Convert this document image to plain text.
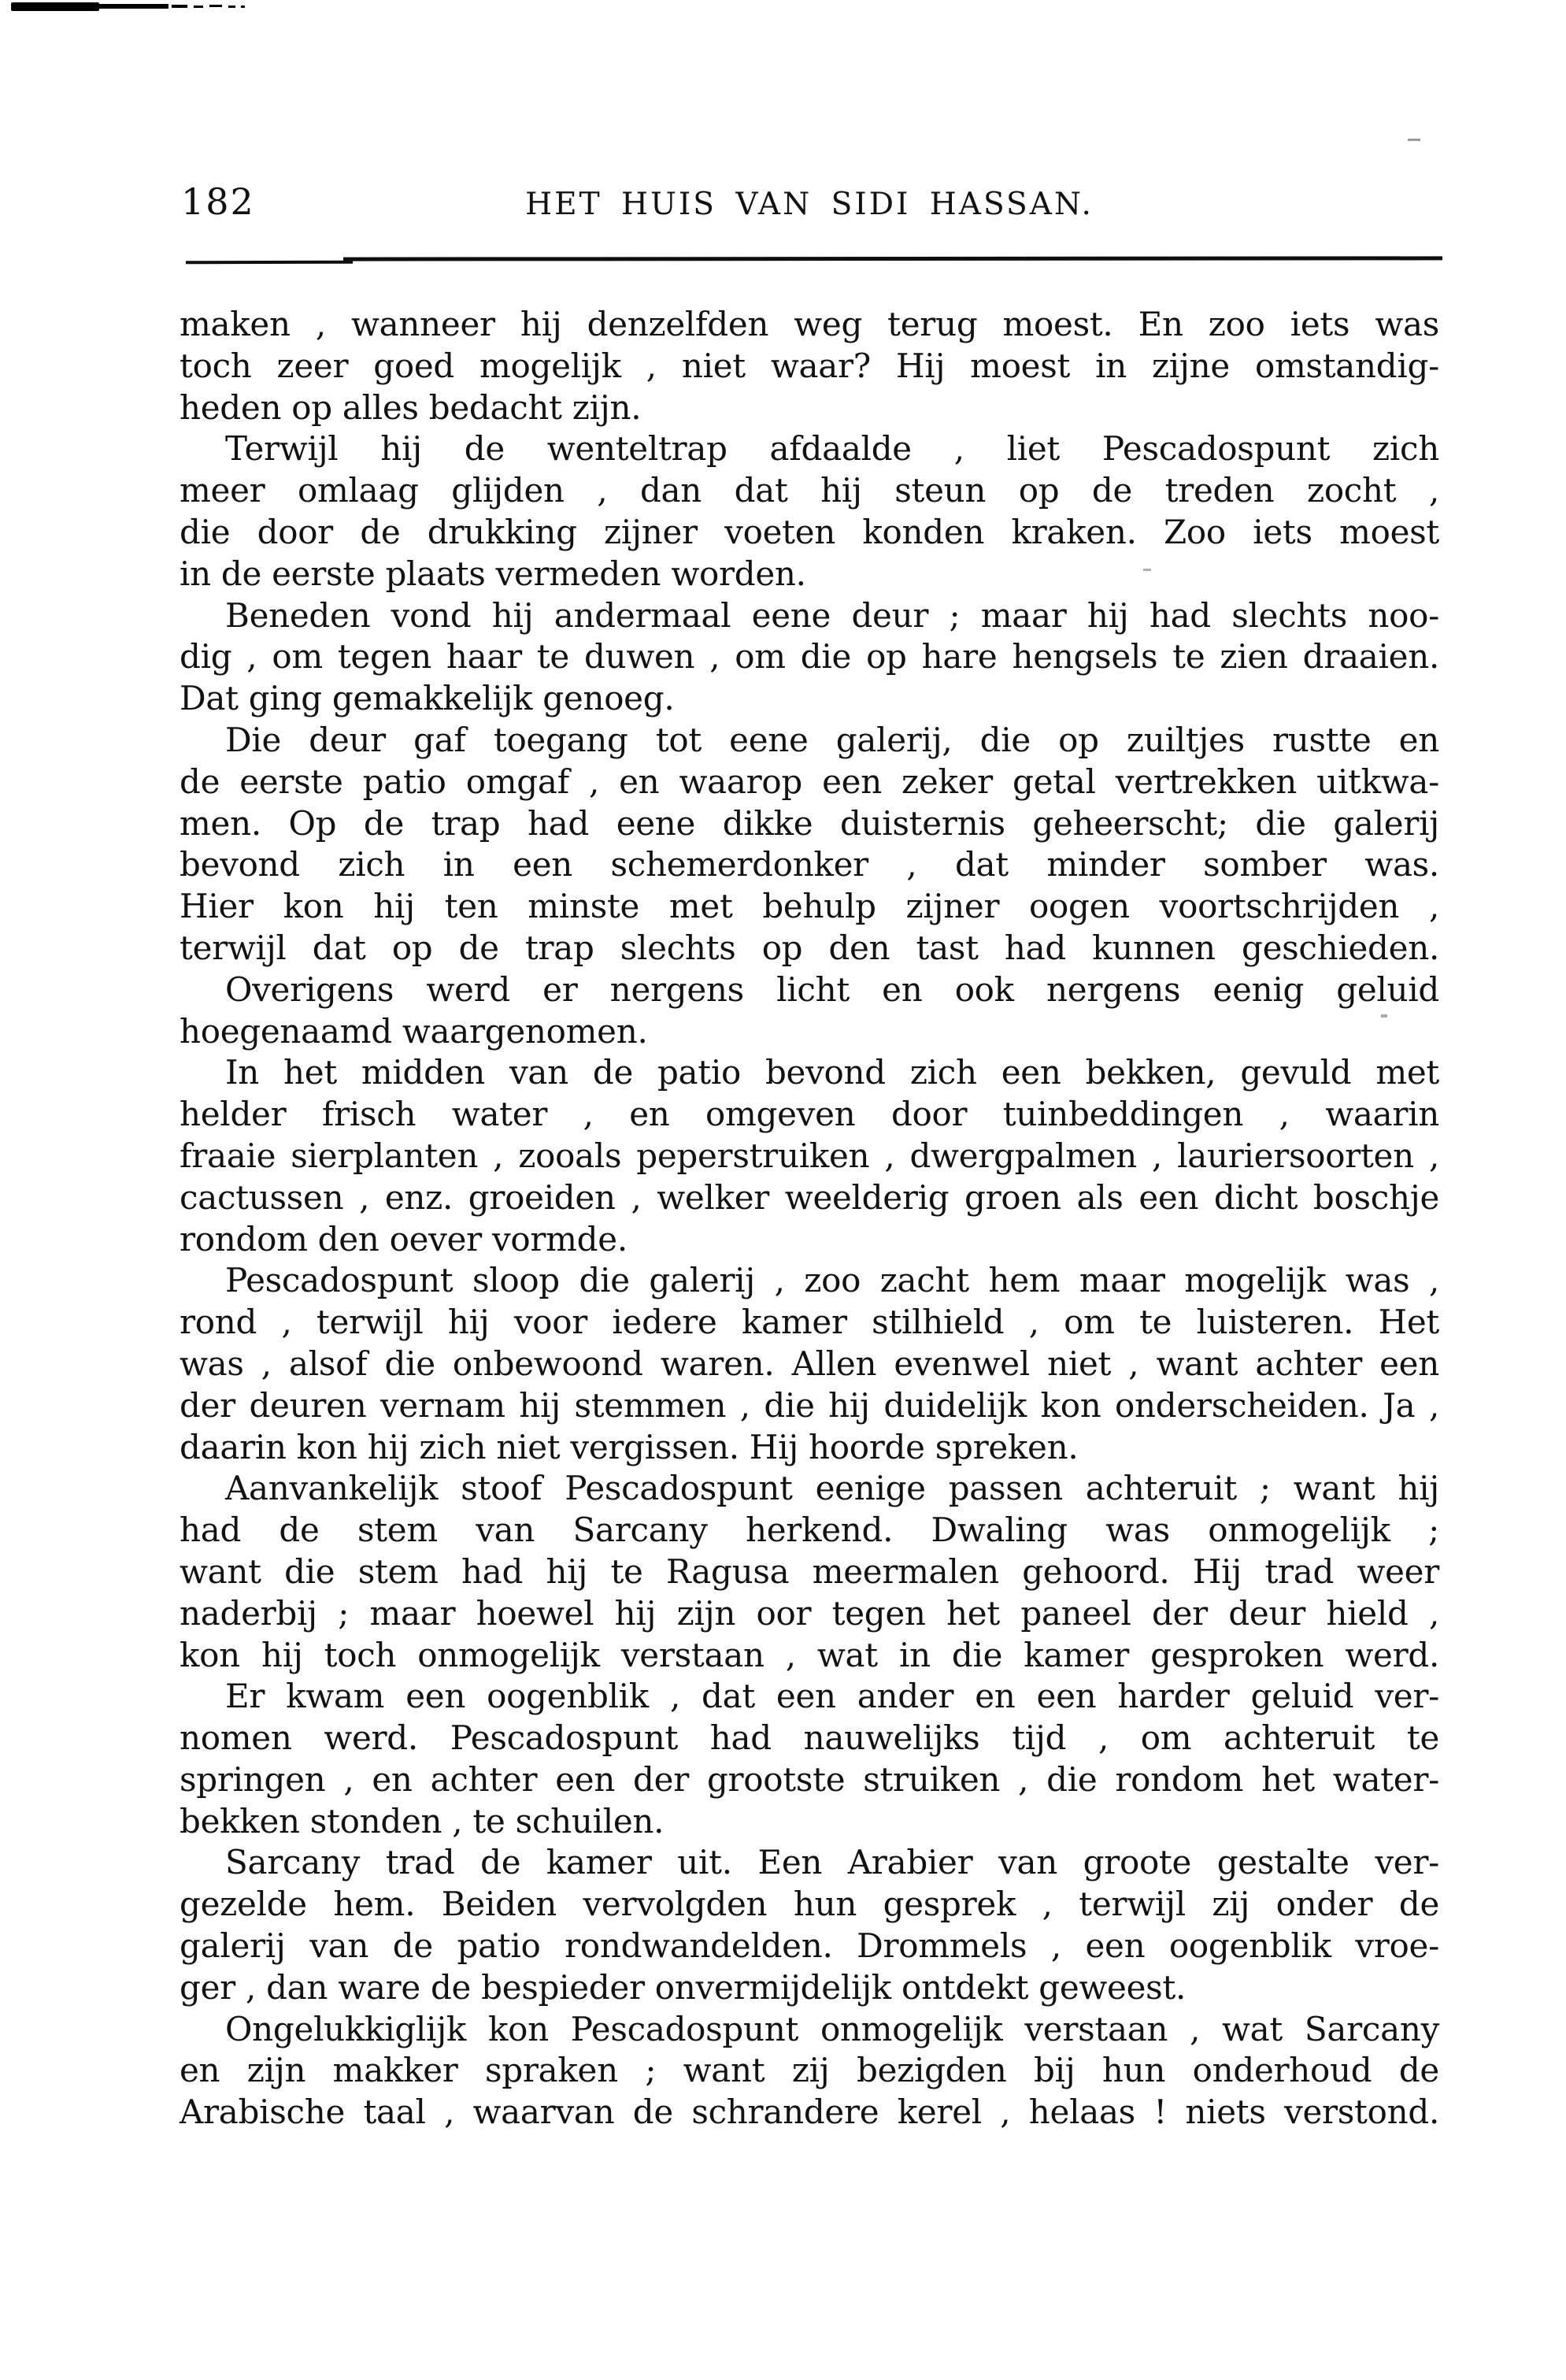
182	HET HUIS VAN SIDI HASSAN.
maken , wanneer hij denzelfden weg terug moest. En zoo iets was
toch zeer goed mogelijk , niet waar? Hij moest in zijne omstandig-
heden op alles bedacht zijn.
Terwijl hij de wenteltrap afdaalde , liet Pescadospunt zich
meer omlaag glijden , dan dat hij steun op de treden zocht ,
die door de drukking zijner voeten konden kraken. Zoo iets moest
in de eerste plaats vermeden worden.
Beneden vond hij andermaal eene deur ; maar hij had slechts noo-
dig , om tegen haar te duwen , om die op hare hengsels te zien draaien.
Dat ging gemakkelijk genoeg.
Die deur gaf toegang tot eene galerij, die op zuiltjes rustte en
de eerste patio omgaf , en waarop een zeker getal vertrekken uitkwa-
men. Op de trap had eene dikke duisternis geheerscht; die galerij
bevond zich in een schemerdonker , dat minder somber was.
Hier kon hij ten minste met behulp zijner oogen voortschrijden ,
terwijl dat op de trap slechts op den tast had kunnen geschieden.
Overigens werd er nergens licht en ook nergens eenig geluid
hoegenaamd waargenomen.
In het midden van de patio bevond zich een bekken, gevuld met
helder frisch water , en omgeven door tuinbeddingen , waarin
fraaie sierplanten , zooals peperstruiken , dwergpalmen , lauriersoorten ,
cactussen , enz. groeiden , welker weelderig groen als een dicht boschje
rondom den oever vormde.
Pescadospunt sloop die galerij , zoo zacht hem maar mogelijk was ,
rond , terwijl hij voor iedere kamer stilhield , om te luisteren. Het
was , alsof die onbewoond waren. Allen evenwel niet , want achter een
der deuren vernam hij stemmen , die hij duidelijk kon onderscheiden. Ja ,
daarin kon hij zich niet vergissen. Hij hoorde spreken.
Aanvankelijk stoof Pescadospunt eenige passen achteruit ; want hij
had de stem van Sarcany herkend. Dwaling was onmogelijk ;
want die stem had hij te Ragusa meermalen gehoord. Hij trad weer
naderbij ; maar hoewel hij zijn oor tegen het paneel der deur hield ,
kon hij toch onmogelijk verstaan , wat in die kamer gesproken werd.
Er kwam een oogenblik , dat een ander en een harder geluid ver-
nomen werd. Pescadospunt had nauwelijks tijd , om achteruit te
springen , en achter een der grootste struiken , die rondom het water-
bekken stonden , te schuilen.
Sarcany trad de kamer uit. Een Arabier van groote gestalte ver-
gezelde hem. Beiden vervolgden hun gesprek , terwijl zij onder de
galerij van de patio rondwandelden. Drommels , een oogenblik vroe-
ger , dan ware de bespieder onvermijdelijk ontdekt geweest.
Ongelukkiglijk kon Pescadospunt onmogelijk verstaan , wat Sarcany
en zijn makker spraken ; want zij bezigden bij hun onderhoud de
Arabische taal , waarvan de schrandere kerel , helaas ! niets verstond.
